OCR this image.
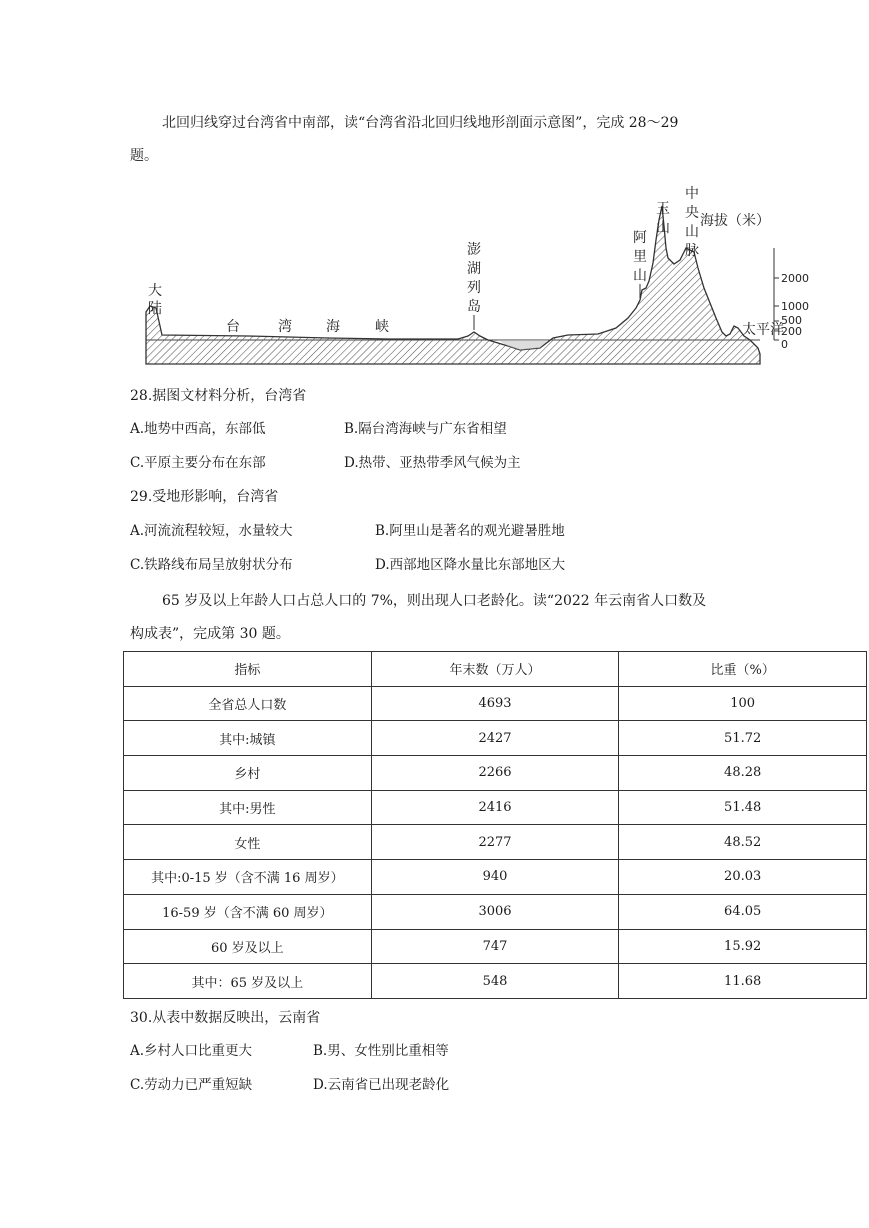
北回归线穿过台湾省中南部，读“台湾省沿北回归线地形剖面示意图”，完成 28～29
题。
大 陆
台	湾 海	峡
澎 湖 列 岛
阿 里 山
玉 山
中 央 山 脉
太平洋
海拔（米）
2000
1000
500
200
0
28.据图文材料分析，台湾省
A.地势中西高，东部低	B.隔台湾海峡与广东省相望
C.平原主要分布在东部	D.热带、亚热带季风气候为主
29.受地形影响，台湾省
A.河流流程较短，水量较大	B.阿里山是著名的观光避暑胜地
C.铁路线布局呈放射状分布	D.西部地区降水量比东部地区大
65 岁及以上年龄人口占总人口的 7%，则出现人口老龄化。读“2022 年云南省人口数及
构成表”，完成第 30 题。
指标	年末数（万人）	比重（%）
全省总人口数	4693	100
其中:城镇	2427	51.72
乡村	2266	48.28
其中:男性	2416	51.48
女性	2277	48.52
其中:0-15 岁（含不满 16 周岁）	940	20.03
16-59 岁（含不满 60 周岁）	3006	64.05
60 岁及以上	747	15.92
其中：65 岁及以上	548	11.68
30.从表中数据反映出，云南省
A.乡村人口比重更大	B.男、女性别比重相等
C.劳动力已严重短缺	D.云南省已出现老龄化
